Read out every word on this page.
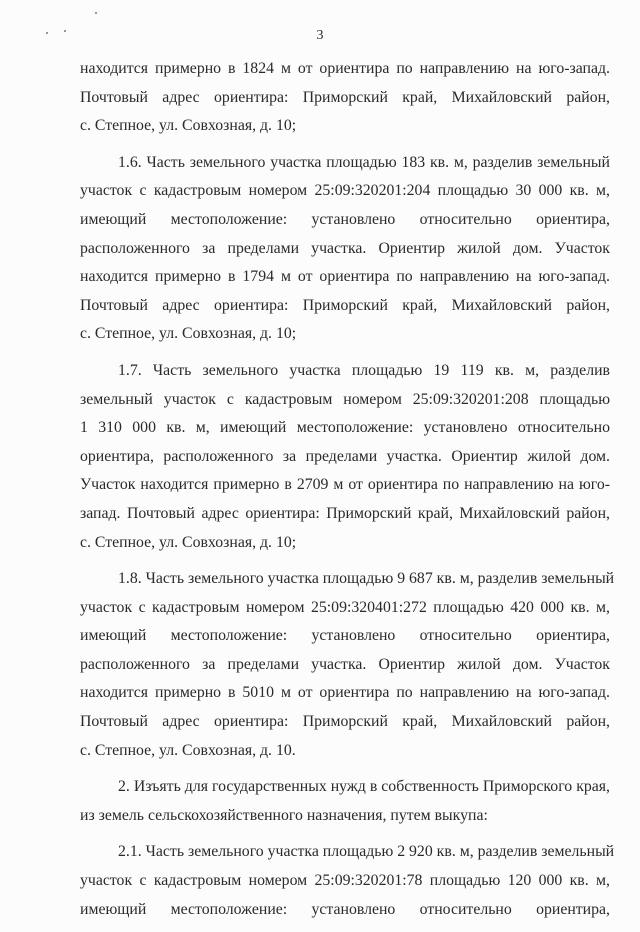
3
находится примерно в 1824 м от ориентира по направлению на юго-запад.
Почтовый адрес ориентира: Приморский край, Михайловский район,
с. Степное, ул. Совхозная, д. 10;
1.6. Часть земельного участка площадью 183 кв. м, разделив земельный
участок с кадастровым номером 25:09:320201:204 площадью 30 000 кв. м,
имеющий местоположение: установлено относительно ориентира,
расположенного за пределами участка. Ориентир жилой дом. Участок
находится примерно в 1794 м от ориентира по направлению на юго-запад.
Почтовый адрес ориентира: Приморский край, Михайловский район,
с. Степное, ул. Совхозная, д. 10;
1.7. Часть земельного участка площадью 19 119 кв. м, разделив
земельный участок с кадастровым номером 25:09:320201:208 площадью
1 310 000 кв. м, имеющий местоположение: установлено относительно
ориентира, расположенного за пределами участка. Ориентир жилой дом.
Участок находится примерно в 2709 м от ориентира по направлению на юго-
запад. Почтовый адрес ориентира: Приморский край, Михайловский район,
с. Степное, ул. Совхозная, д. 10;
1.8. Часть земельного участка площадью 9 687 кв. м, разделив земельный
участок с кадастровым номером 25:09:320401:272 площадью 420 000 кв. м,
имеющий местоположение: установлено относительно ориентира,
расположенного за пределами участка. Ориентир жилой дом. Участок
находится примерно в 5010 м от ориентира по направлению на юго-запад.
Почтовый адрес ориентира: Приморский край, Михайловский район,
с. Степное, ул. Совхозная, д. 10.
2. Изъять для государственных нужд в собственность Приморского края,
из земель сельскохозяйственного назначения, путем выкупа:
2.1. Часть земельного участка площадью 2 920 кв. м, разделив земельный
участок с кадастровым номером 25:09:320201:78 площадью 120 000 кв. м,
имеющий местоположение: установлено относительно ориентира,
